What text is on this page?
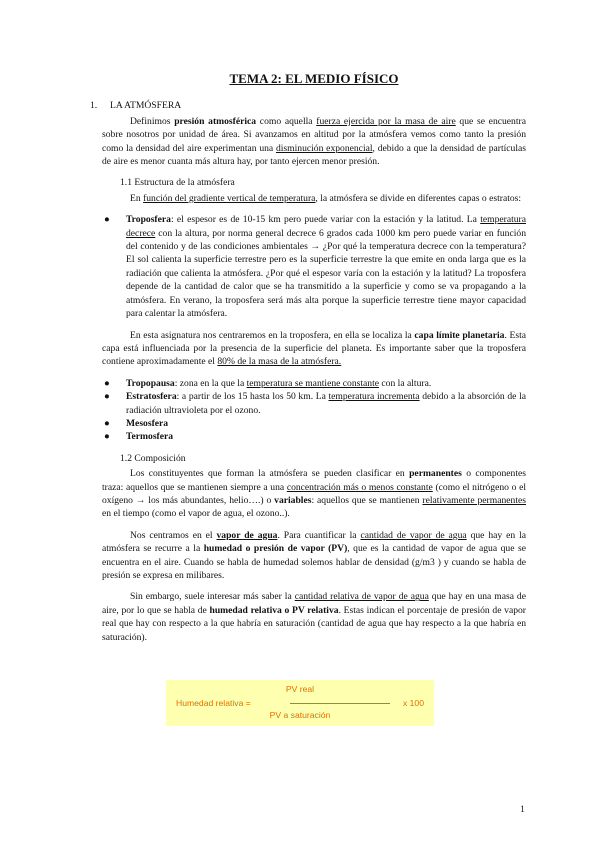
TEMA 2: EL MEDIO FÍSICO
1. LA ATMÓSFERA
Definimos presión atmosférica como aquella fuerza ejercida por la masa de aire que se encuentra sobre nosotros por unidad de área. Si avanzamos en altitud por la atmósfera vemos como tanto la presión como la densidad del aire experimentan una disminución exponencial, debido a que la densidad de partículas de aire es menor cuanta más altura hay, por tanto ejercen menor presión.
1.1 Estructura de la atmósfera
En función del gradiente vertical de temperatura, la atmósfera se divide en diferentes capas o estratos:
● Troposfera: el espesor es de 10-15 km pero puede variar con la estación y la latitud. La temperatura decrece con la altura, por norma general decrece 6 grados cada 1000 km pero puede variar en función del contenido y de las condiciones ambientales → ¿Por qué la temperatura decrece con la temperatura? El sol calienta la superficie terrestre pero es la superficie terrestre la que emite en onda larga que es la radiación que calienta la atmósfera. ¿Por qué el espesor varía con la estación y la latitud? La troposfera depende de la cantidad de calor que se ha transmitido a la superficie y como se va propagando a la atmósfera. En verano, la troposfera será más alta porque la superficie terrestre tiene mayor capacidad para calentar la atmósfera.
En esta asignatura nos centraremos en la troposfera, en ella se localiza la capa límite planetaria. Esta capa está influenciada por la presencia de la superficie del planeta. Es importante saber que la troposfera contiene aproximadamente el 80% de la masa de la atmósfera.
● Tropopausa: zona en la que la temperatura se mantiene constante con la altura.
● Estratosfera: a partir de los 15 hasta los 50 km. La temperatura incrementa debido a la absorción de la radiación ultravioleta por el ozono.
● Mesosfera
● Termosfera
1.2 Composición
Los constituyentes que forman la atmósfera se pueden clasificar en permanentes o componentes traza: aquellos que se mantienen siempre a una concentración más o menos constante (como el nitrógeno o el oxígeno → los más abundantes, helio….) o variables: aquellos que se mantienen relativamente permanentes en el tiempo (como el vapor de agua, el ozono..).
Nos centramos en el vapor de agua. Para cuantificar la cantidad de vapor de agua que hay en la atmósfera se recurre a la humedad o presión de vapor (PV), que es la cantidad de vapor de agua que se encuentra en el aire. Cuando se habla de humedad solemos hablar de densidad (g/m3 ) y cuando se habla de presión se expresa en milibares.
Sin embargo, suele interesar más saber la cantidad relativa de vapor de agua que hay en una masa de aire, por lo que se habla de humedad relativa o PV relativa. Estas indican el porcentaje de presión de vapor real que hay con respecto a la que habría en saturación (cantidad de agua que hay respecto a la que habría en saturación).
Humedad relativa =
PV real
PV a saturación
x 100
1
